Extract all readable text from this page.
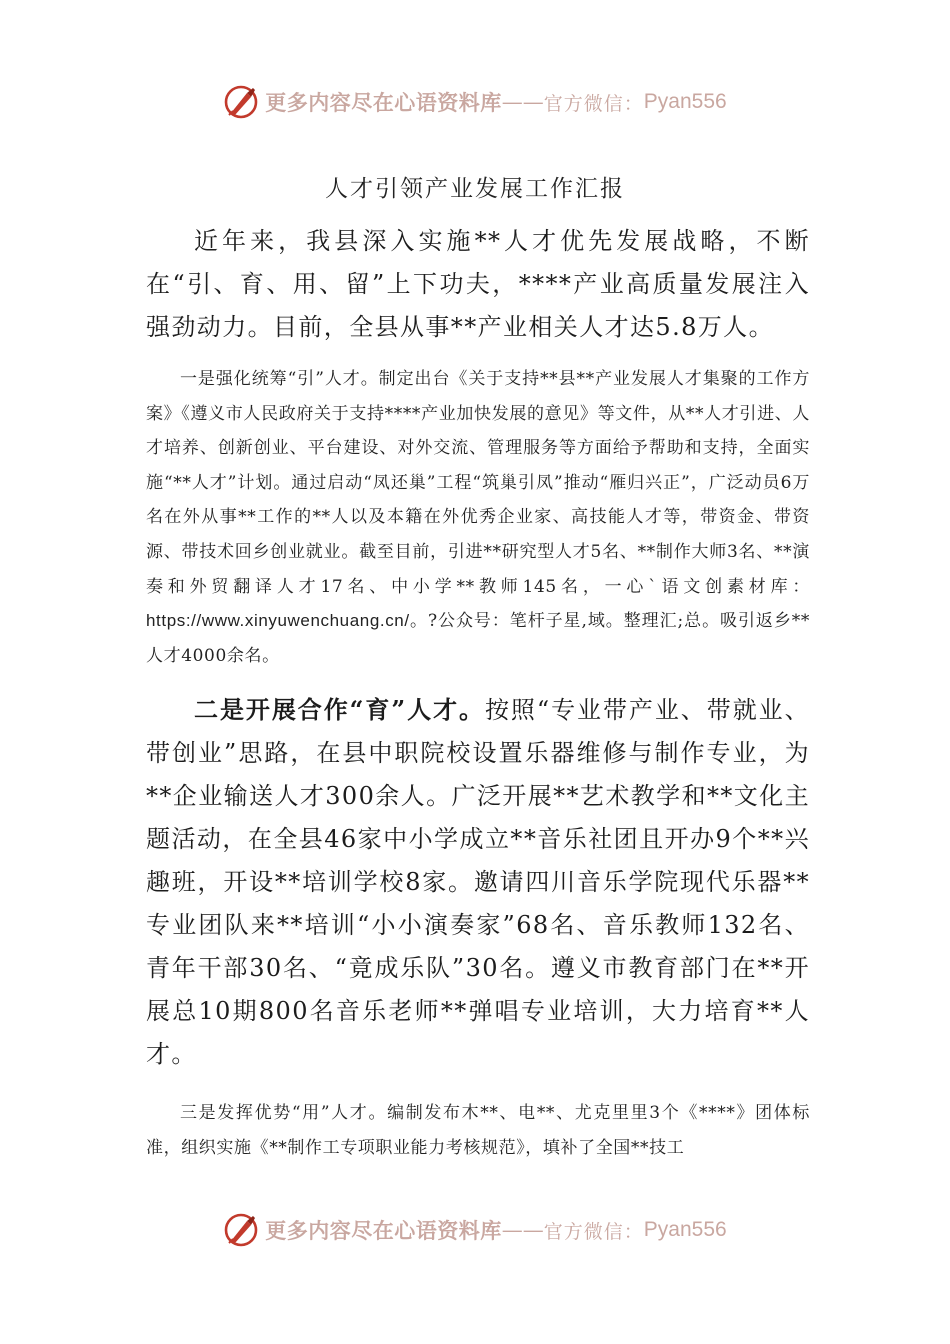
更多内容尽在心语资料库 —— 官方微信： Pyan556
人才引领产业发展工作汇报

近年来，我县深入实施**人才优先发展战略，不断在“引、育、用、留”上下功夫，****产业高质量发展注入强劲动力。目前，全县从事**产业相关人才达5.8万人。

一是强化统筹“引”人才。制定出台《关于支持**县**产业发展人才集聚的工作方案》《遵义市人民政府关于支持****产业加快发展的意见》等文件，从**人才引进、人才培养、创新创业、平台建设、对外交流、管理服务等方面给予帮助和支持，全面实施“**人才”计划。通过启动“凤还巢”工程“筑巢引凤”推动“雁归兴正”，广泛动员6万名在外从事**工作的**人以及本籍在外优秀企业家、高技能人才等，带资金、带资源、带技术回乡创业就业。截至目前，引进**研究型人才5名、**制作大师3名、**演奏和外贸翻译人才17名、中小学**教师145名，一心`语文创素材库：https://www.xinyuwenchuang.cn/。?公众号：笔杆子星,域。整理汇;总。吸引返乡**人才4000余名。

二是开展合作“育”人才。按照“专业带产业、带就业、带创业”思路，在县中职院校设置乐器维修与制作专业，为**企业输送人才300余人。广泛开展**艺术教学和**文化主题活动，在全县46家中小学成立**音乐社团且开办9个**兴趣班，开设**培训学校8家。邀请四川音乐学院现代乐器**专业团队来**培训“小小演奏家”68名、音乐教师132名、青年干部30名、“竟成乐队”30名。遵义市教育部门在**开展总10期800名音乐老师**弹唱专业培训，大力培育**人才。

三是发挥优势“用”人才。编制发布木**、电**、尤克里里3个《****》团体标准，组织实施《**制作工专项职业能力考核规范》，填补了全国**技工

更多内容尽在心语资料库 —— 官方微信： Pyan556
